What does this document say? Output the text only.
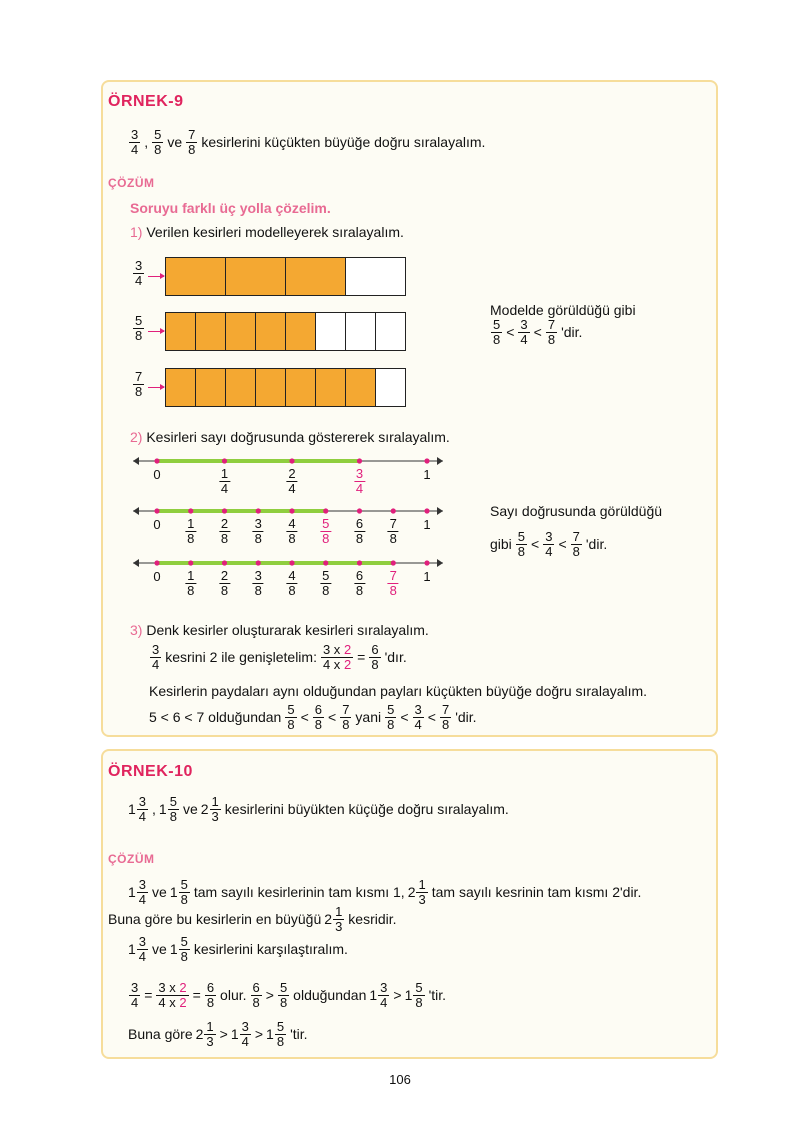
ÖRNEK-9
$\frac{3}{4}$ , $\frac{5}{8}$ ve $\frac{7}{8}$ kesirlerini küçükten büyüğe doğru sıralayalım.
ÇÖZÜM
Soruyu farklı üç yolla çözelim.
1) Verilen kesirleri modelleyerek sıralayalım.
$\frac{3}{4}$
$\frac{5}{8}$
$\frac{7}{8}$
Modelde görüldüğü gibi
$\frac{5}{8} < \frac{3}{4} < \frac{7}{8}$ 'dir.
2) Kesirleri sayı doğrusunda göstererek sıralayalım.
0	$\frac{1}{4}$	$\frac{2}{4}$	$\frac{3}{4}$	1
$0 \frac{1}{8} \frac{2}{8} \frac{3}{8} \frac{4}{8} \frac{5}{8} \frac{6}{8} \frac{7}{8} 1$
$0 \frac{1}{8} \frac{2}{8} \frac{3}{8} \frac{4}{8} \frac{5}{8} \frac{6}{8} \frac{7}{8} 1$
Sayı doğrusunda görüldüğü
gibi $\frac{5}{8} < \frac{3}{4} < \frac{7}{8}$ 'dir.
3) Denk kesirler oluşturarak kesirleri sıralayalım.
$\frac{3}{4}$ kesrini 2 ile genişletelim: $\frac{3 x 2}{4 x 2} = \frac{6}{8}$ 'dır.
Kesirlerin paydaları aynı olduğundan payları küçükten büyüğe doğru sıralayalım.
5 < 6 < 7 olduğundan $\frac{5}{8} < \frac{6}{8} < \frac{7}{8}$ yani $\frac{5}{8} < \frac{3}{4} < \frac{7}{8}$ 'dir.
ÖRNEK-10
$1 \frac{3}{4}$ , $1 \frac{5}{8}$ ve $2 \frac{1}{3}$ kesirlerini büyükten küçüğe doğru sıralayalım.
ÇÖZÜM
$1 \frac{3}{4}$ ve $1 \frac{5}{8}$ tam sayılı kesirlerinin tam kısmı 1, $2 \frac{1}{3}$ tam sayılı kesrinin tam kısmı 2'dir.
Buna göre bu kesirlerin en büyüğü $2 \frac{1}{3}$ kesridir.
$1 \frac{3}{4}$ ve $1 \frac{5}{8}$ kesirlerini karşılaştıralım.
$\frac{3}{4} = \frac{3 x 2}{4 x 2} = \frac{6}{8}$ olur. $\frac{6}{8} > \frac{5}{8}$ olduğundan $1 \frac{3}{4} > 1 \frac{5}{8}$ 'tir.
Buna göre $2 \frac{1}{3} > 1 \frac{3}{4} > 1 \frac{5}{8}$ 'tir.
106
